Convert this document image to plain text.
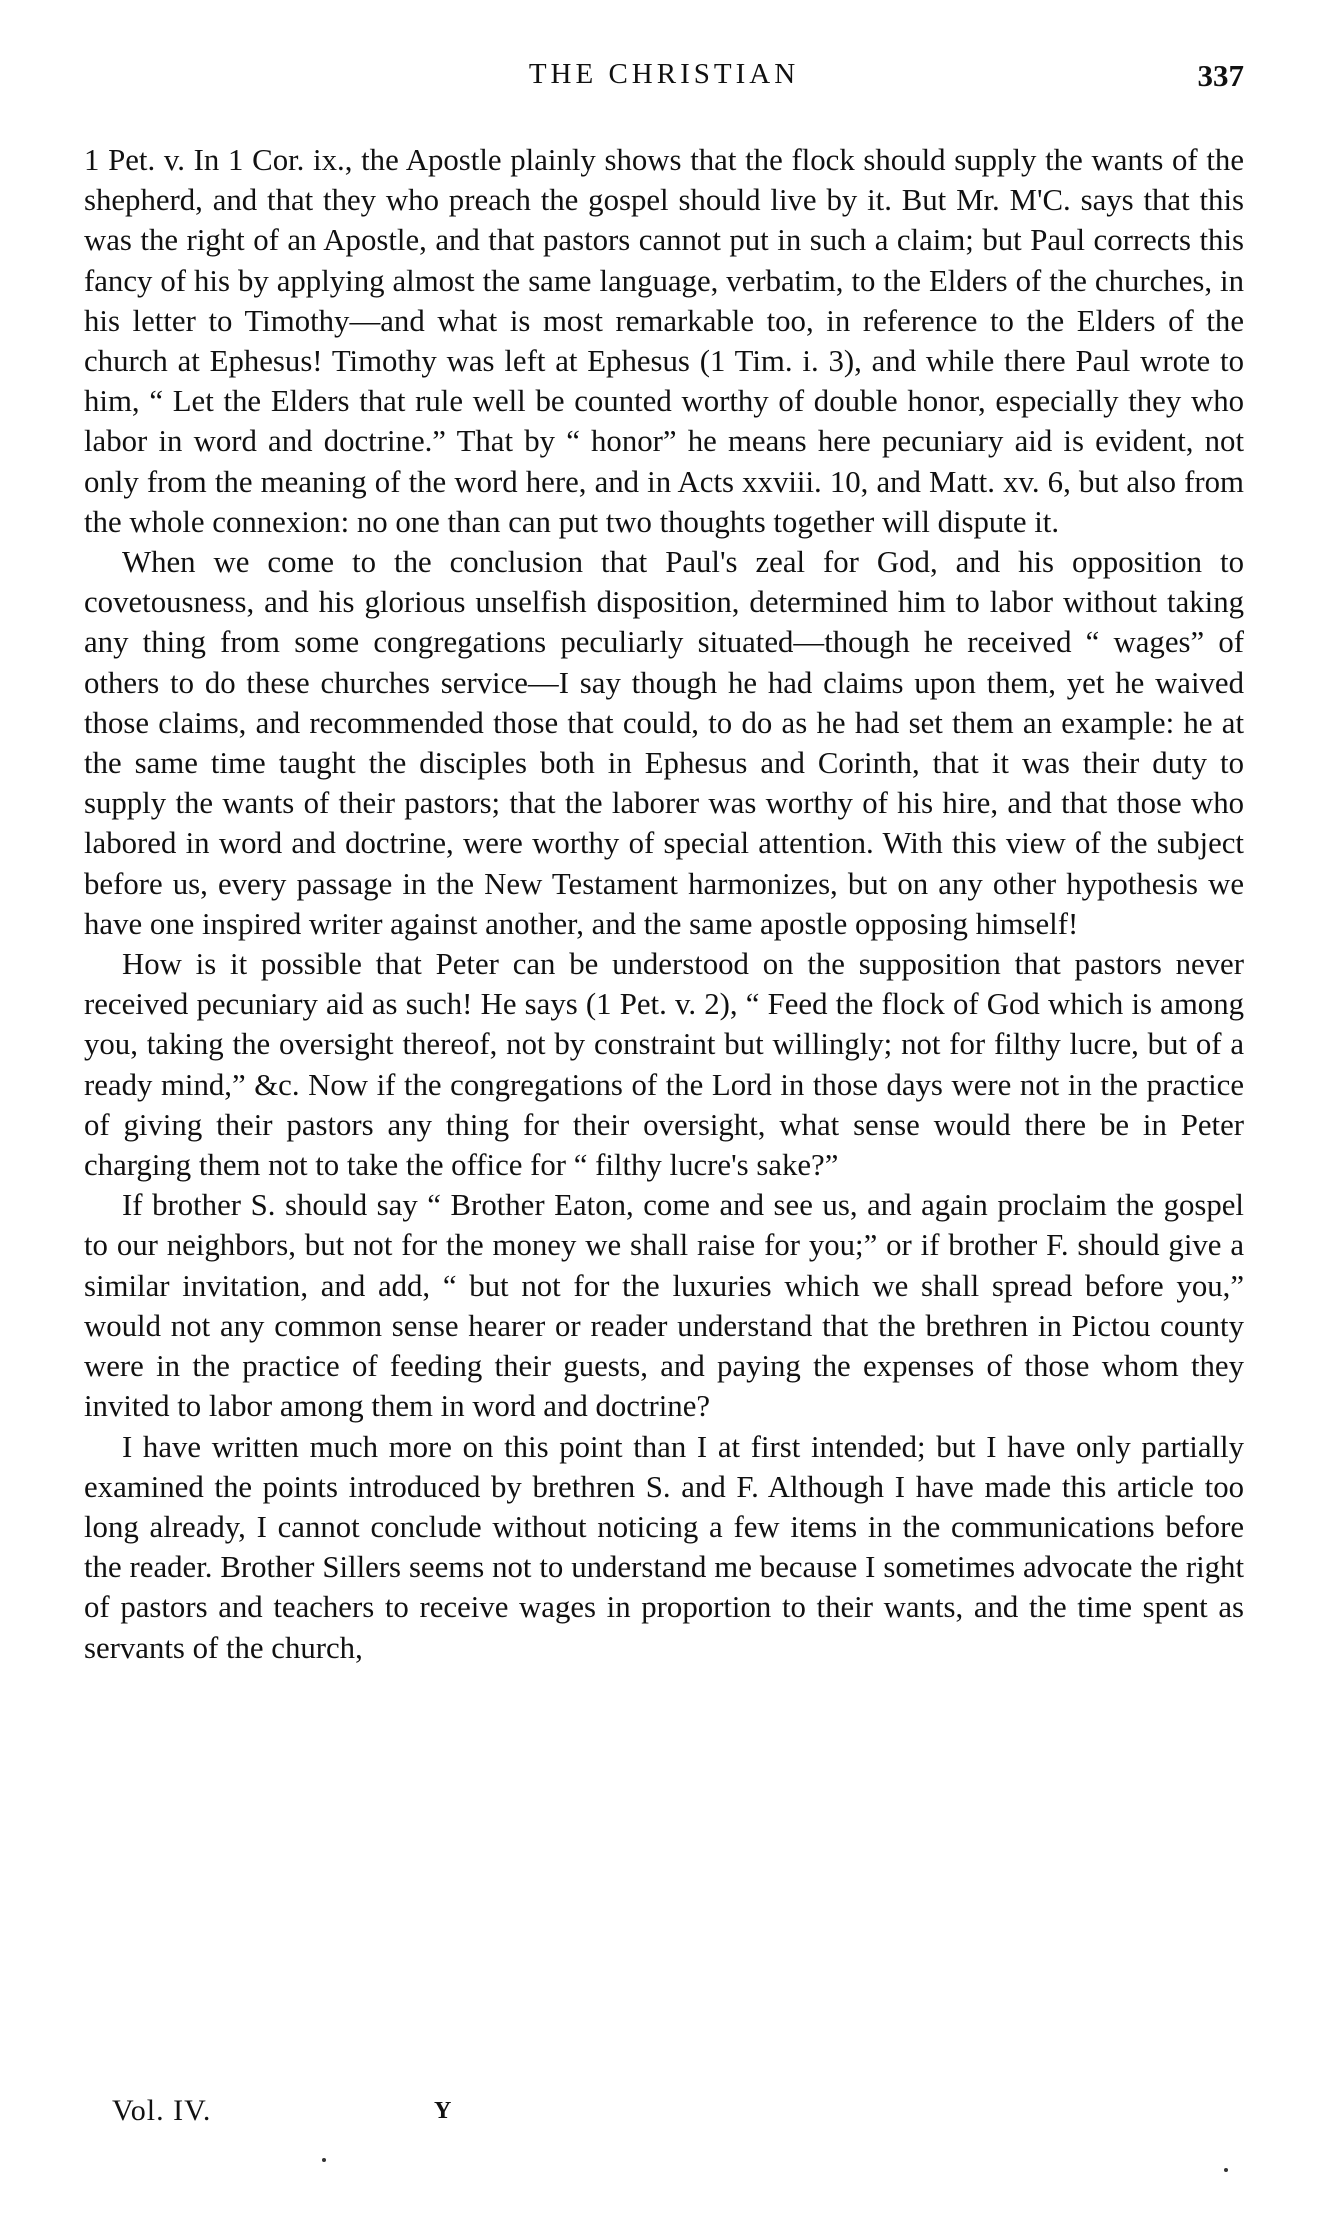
THE CHRISTIAN	337

1 Pet. v. In 1 Cor. ix., the Apostle plainly shows that the flock should supply the wants of the shepherd, and that they who preach the gospel should live by it. But Mr. M'C. says that this was the right of an Apostle, and that pastors cannot put in such a claim; but Paul corrects this fancy of his by applying almost the same language, verbatim, to the Elders of the churches, in his letter to Timothy—and what is most remarkable too, in reference to the Elders of the church at Ephesus! Timothy was left at Ephesus (1 Tim. i. 3), and while there Paul wrote to him, “ Let the Elders that rule well be counted worthy of double honor, especially they who labor in word and doctrine.” That by “ honor” he means here pecuniary aid is evident, not only from the meaning of the word here, and in Acts xxviii. 10, and Matt. xv. 6, but also from the whole connexion: no one than can put two thoughts together will dispute it.

When we come to the conclusion that Paul's zeal for God, and his opposition to covetousness, and his glorious unselfish disposition, determined him to labor without taking any thing from some congregations peculiarly situated—though he received “ wages” of others to do these churches service—I say though he had claims upon them, yet he waived those claims, and recommended those that could, to do as he had set them an example: he at the same time taught the disciples both in Ephesus and Corinth, that it was their duty to supply the wants of their pastors; that the laborer was worthy of his hire, and that those who labored in word and doctrine, were worthy of special attention. With this view of the subject before us, every passage in the New Testament harmonizes, but on any other hypothesis we have one inspired writer against another, and the same apostle opposing himself!

How is it possible that Peter can be understood on the supposition that pastors never received pecuniary aid as such! He says (1 Pet. v. 2), “ Feed the flock of God which is among you, taking the oversight thereof, not by constraint but willingly; not for filthy lucre, but of a ready mind,” &c. Now if the congregations of the Lord in those days were not in the practice of giving their pastors any thing for their oversight, what sense would there be in Peter charging them not to take the office for “ filthy lucre's sake?”

If brother S. should say “ Brother Eaton, come and see us, and again proclaim the gospel to our neighbors, but not for the money we shall raise for you;” or if brother F. should give a similar invitation, and add, “ but not for the luxuries which we shall spread before you,” would not any common sense hearer or reader understand that the brethren in Pictou county were in the practice of feeding their guests, and paying the expenses of those whom they invited to labor among them in word and doctrine?

I have written much more on this point than I at first intended; but I have only partially examined the points introduced by brethren S. and F. Although I have made this article too long already, I cannot conclude without noticing a few items in the communications before the reader. Brother Sillers seems not to understand me because I sometimes advocate the right of pastors and teachers to receive wages in proportion to their wants, and the time spent as servants of the church,

Vol. IV.	Y
